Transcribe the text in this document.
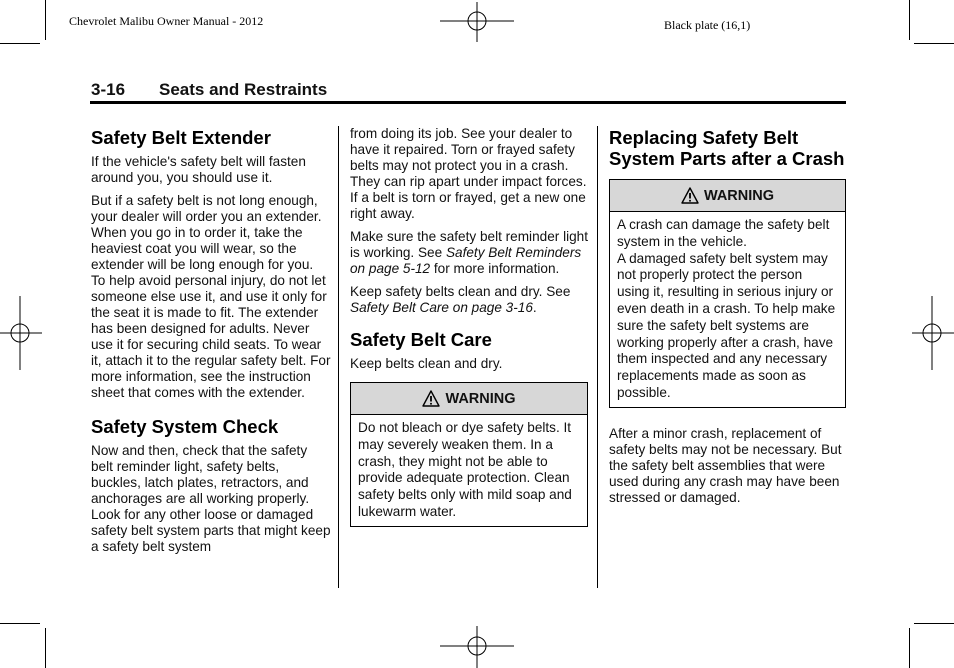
Chevrolet Malibu Owner Manual - 2012	Black plate (16,1)
3-16 Seats and Restraints
Safety Belt Extender

If the vehicle's safety belt will fasten around you, you should use it.

But if a safety belt is not long enough, your dealer will order you an extender. When you go in to order it, take the heaviest coat you will wear, so the extender will be long enough for you. To help avoid personal injury, do not let someone else use it, and use it only for the seat it is made to fit. The extender has been designed for adults. Never use it for securing child seats. To wear it, attach it to the regular safety belt. For more information, see the instruction sheet that comes with the extender.

Safety System Check

Now and then, check that the safety belt reminder light, safety belts, buckles, latch plates, retractors, and anchorages are all working properly. Look for any other loose or damaged safety belt system parts that might keep a safety belt system

from doing its job. See your dealer to have it repaired. Torn or frayed safety belts may not protect you in a crash. They can rip apart under impact forces. If a belt is torn or frayed, get a new one right away.

Make sure the safety belt reminder light is working. See Safety Belt Reminders on page 5-12 for more information.

Keep safety belts clean and dry. See Safety Belt Care on page 3-16.

Safety Belt Care

Keep belts clean and dry.

WARNING

Do not bleach or dye safety belts. It may severely weaken them. In a crash, they might not be able to provide adequate protection. Clean safety belts only with mild soap and lukewarm water.

Replacing Safety Belt System Parts after a Crash
WARNING

A crash can damage the safety belt system in the vehicle.

A damaged safety belt system may not properly protect the person using it, resulting in serious injury or even death in a crash. To help make sure the safety belt systems are working properly after a crash, have them inspected and any necessary replacements made as soon as possible.

After a minor crash, replacement of safety belts may not be necessary. But the safety belt assemblies that were used during any crash may have been stressed or damaged.
